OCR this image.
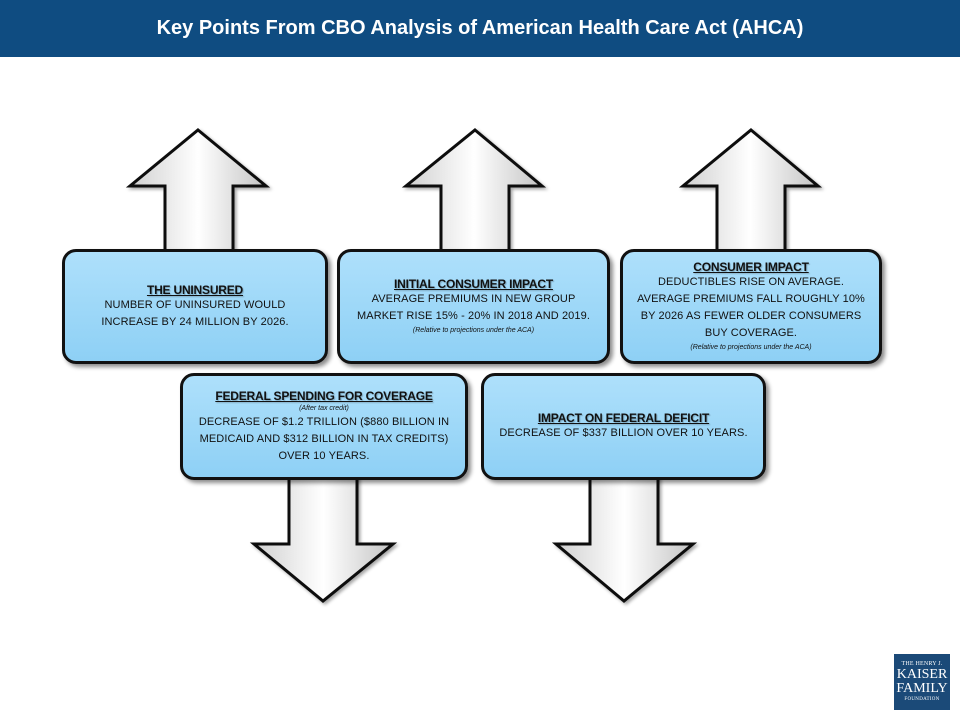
Key Points From CBO Analysis of American Health Care Act (AHCA)
THE UNINSURED
NUMBER OF UNINSURED WOULD
INCREASE BY 24 MILLION BY 2026.
INITIAL CONSUMER IMPACT
AVERAGE PREMIUMS IN NEW GROUP
MARKET RISE 15% - 20% IN 2018 AND 2019.
(Relative to projections under the ACA)
CONSUMER IMPACT
DEDUCTIBLES RISE ON AVERAGE.
AVERAGE PREMIUMS FALL ROUGHLY 10%
BY 2026 AS FEWER OLDER CONSUMERS
BUY COVERAGE.
(Relative to projections under the ACA)
FEDERAL SPENDING FOR COVERAGE
(After tax credit)
DECREASE OF $1.2 TRILLION ($880 BILLION IN
MEDICAID AND $312 BILLION IN TAX CREDITS)
OVER 10 YEARS.
IMPACT ON FEDERAL DEFICIT
DECREASE OF $337 BILLION OVER 10 YEARS.
THE HENRY J.
KAISER
FAMILY
FOUNDATION
